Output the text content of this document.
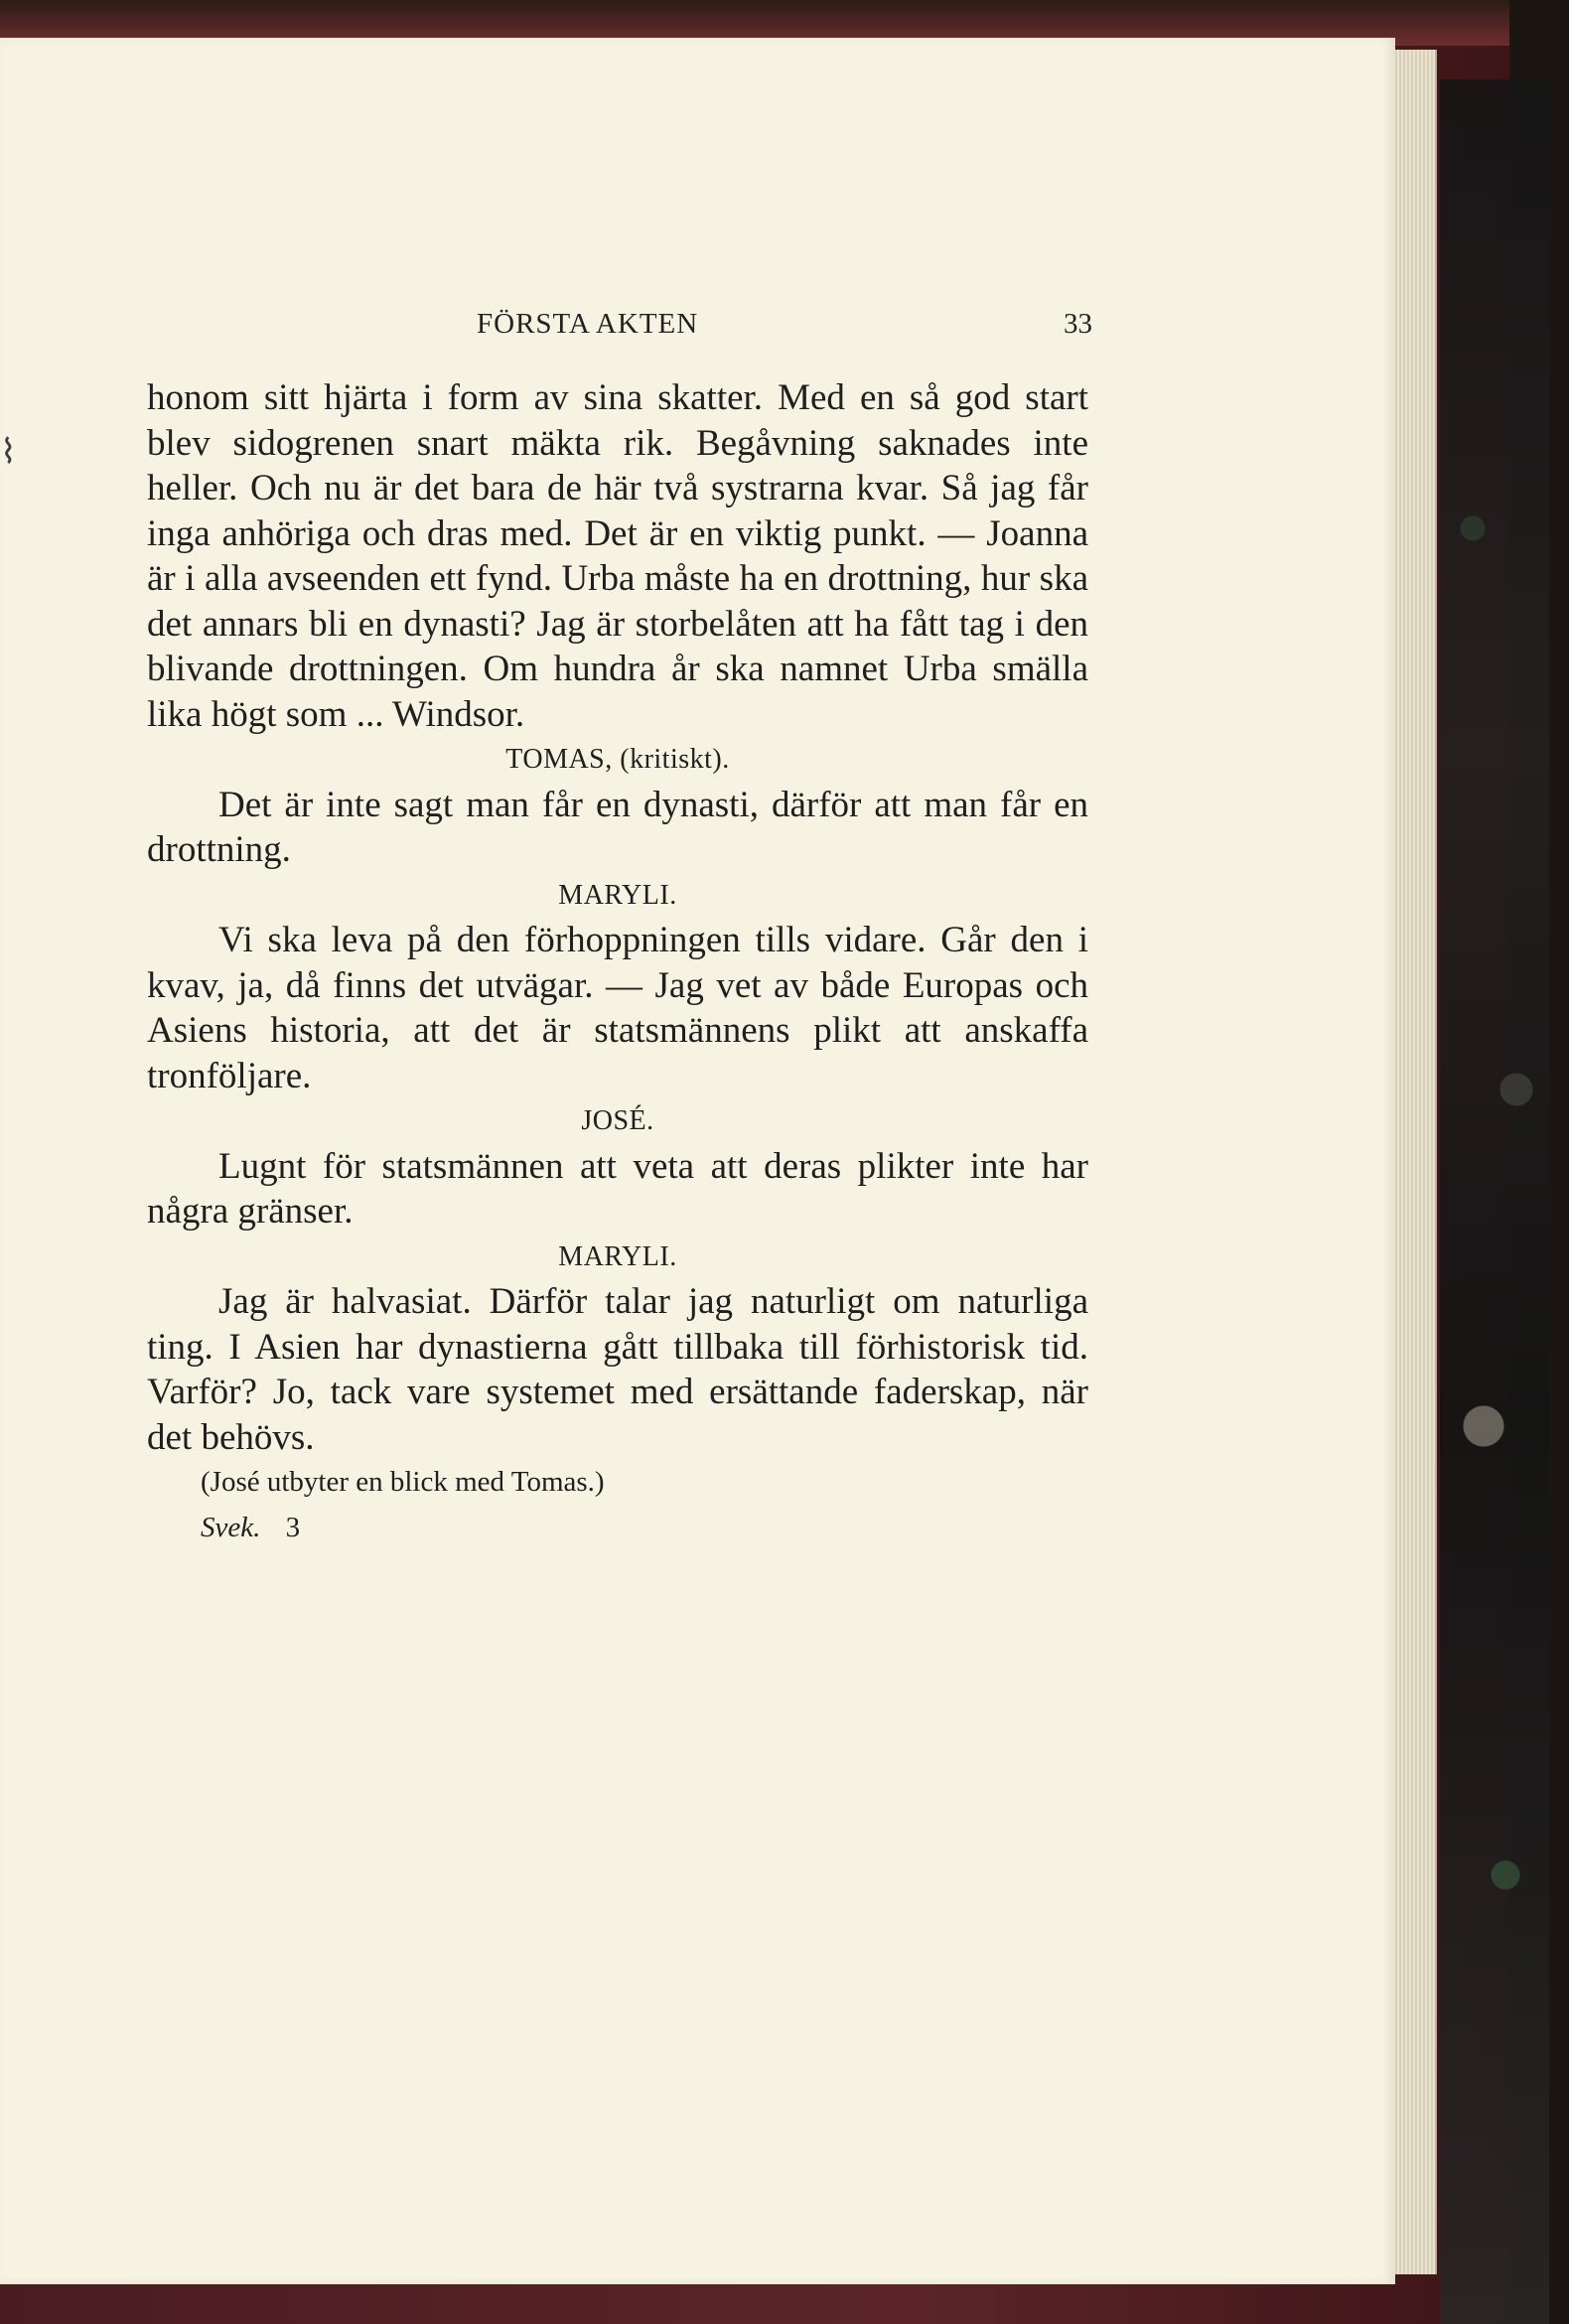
⌇
FÖRSTA AKTEN	33

honom sitt hjärta i form av sina skatter. Med en så god start blev sidogrenen snart mäkta rik. Begåvning saknades inte heller. Och nu är det bara de här två systrarna kvar. Så jag får inga anhöriga och dras med. Det är en viktig punkt. — Joanna är i alla avseenden ett fynd. Urba måste ha en drottning, hur ska det annars bli en dynasti? Jag är storbelåten att ha fått tag i den blivande drottningen. Om hundra år ska namnet Urba smälla lika högt som ... Windsor.

TOMAS, (kritiskt).

Det är inte sagt man får en dynasti, därför att man får en drottning.

MARYLI.

Vi ska leva på den förhoppningen tills vidare. Går den i kvav, ja, då finns det utvägar. — Jag vet av både Europas och Asiens historia, att det är statsmännens plikt att anskaffa tronföljare.

JOSÉ.

Lugnt för statsmännen att veta att deras plikter inte har några gränser.

MARYLI.

Jag är halvasiat. Därför talar jag naturligt om naturliga ting. I Asien har dynastierna gått tillbaka till förhistorisk tid. Varför? Jo, tack vare systemet med ersättande faderskap, när det behövs.

(José utbyter en blick med Tomas.)

Svek. 3
